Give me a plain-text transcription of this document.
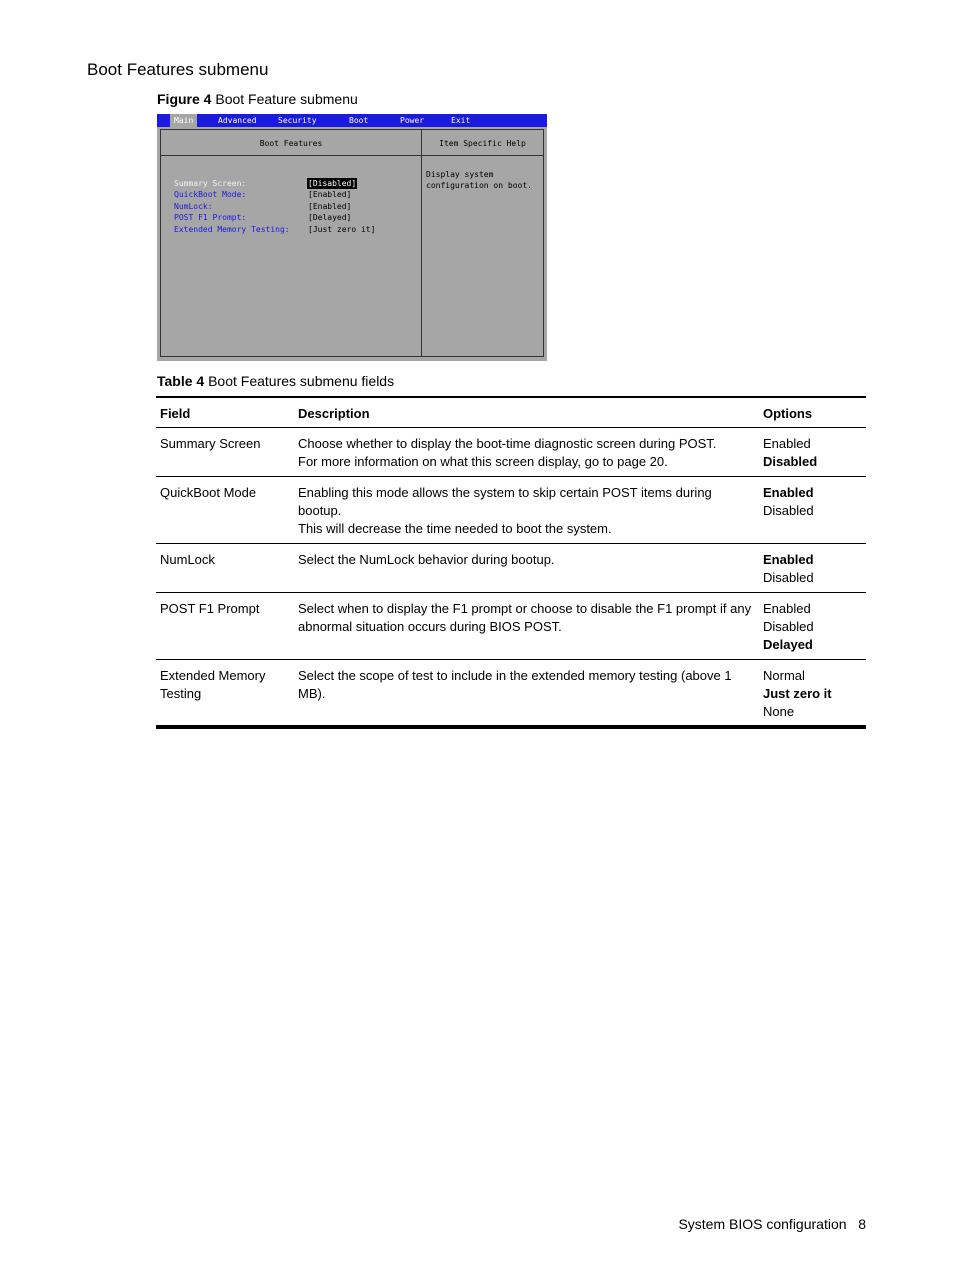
Boot Features submenu
Figure 4 Boot Feature submenu
Main	Advanced	Security	Boot	Power	Exit
Boot Features
Summary Screen:	[Disabled]
QuickBoot Mode:	[Enabled]
NumLock:	[Enabled]
POST F1 Prompt:	[Delayed]
Extended Memory Testing: [Just zero it]
Item Specific Help
Display system
configuration on boot.
Table 4 Boot Features submenu fields
Field	Description	Options
Summary Screen	Choose whether to display the boot-time diagnostic screen during POST.
For more information on what this screen display, go to page 20.	Enabled
Disabled

QuickBoot Mode	Enabling this mode allows the system to skip certain POST items during bootup.
This will decrease the time needed to boot the system.	Enabled
Disabled

NumLock	Select the NumLock behavior during bootup.	Enabled
Disabled

POST F1 Prompt	Select when to display the F1 prompt or choose to disable the F1 prompt if any abnormal situation occurs during BIOS POST.	Enabled
Disabled
Delayed

Extended Memory Testing	Select the scope of test to include in the extended memory testing (above 1 MB).	Normal
Just zero it
None
System BIOS configuration 8
